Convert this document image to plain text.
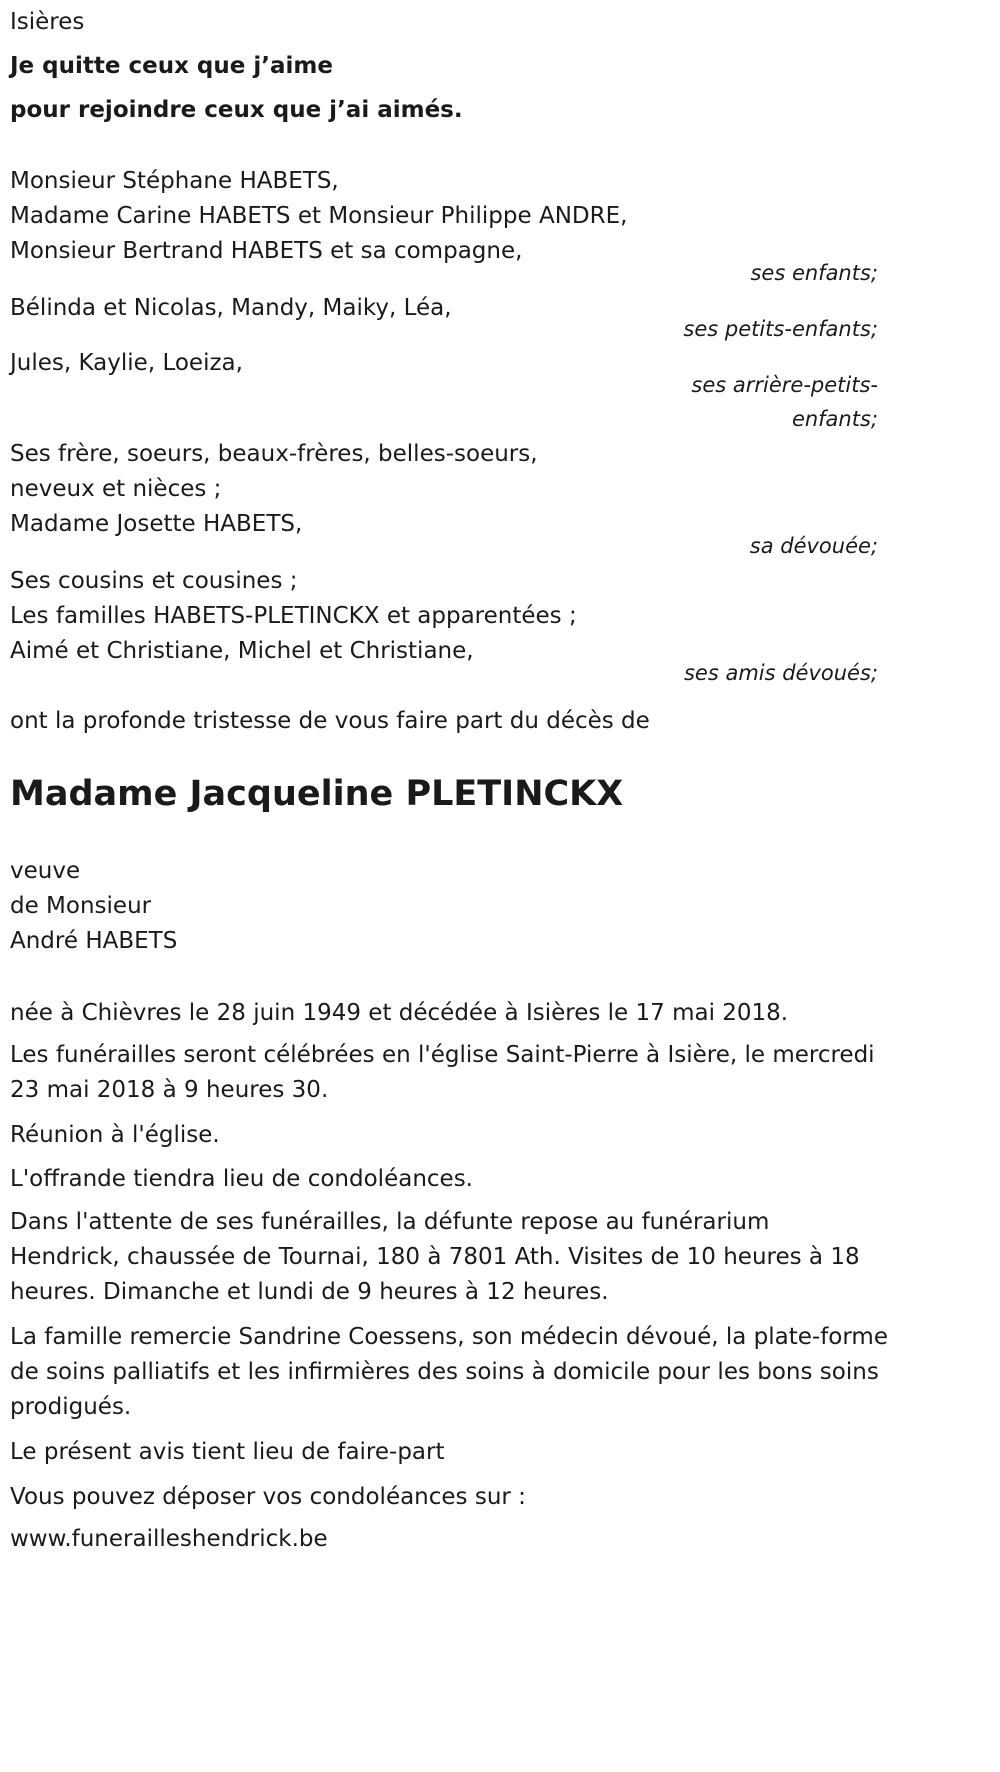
Isières
Je quitte ceux que j’aime
pour rejoindre ceux que j’ai aimés.
Monsieur Stéphane HABETS,
Madame Carine HABETS et Monsieur Philippe ANDRE,
Monsieur Bertrand HABETS et sa compagne,
ses enfants;
Bélinda et Nicolas, Mandy, Maiky, Léa,
ses petits-enfants;
Jules, Kaylie, Loeiza,
ses arrière-petits-
enfants;
Ses frère, soeurs, beaux-frères, belles-soeurs,
neveux et nièces ;
Madame Josette HABETS,
sa dévouée;
Ses cousins et cousines ;
Les familles HABETS-PLETINCKX et apparentées ;
Aimé et Christiane, Michel et Christiane,
ses amis dévoués;
ont la profonde tristesse de vous faire part du décès de
Madame Jacqueline PLETINCKX
veuve
de Monsieur
André HABETS
née à Chièvres le 28 juin 1949 et décédée à Isières le 17 mai 2018.
Les funérailles seront célébrées en l'église Saint-Pierre à Isière, le mercredi 23 mai 2018 à 9 heures 30.
Réunion à l'église.
L'offrande tiendra lieu de condoléances.
Dans l'attente de ses funérailles, la défunte repose au funérarium Hendrick, chaussée de Tournai, 180 à 7801 Ath. Visites de 10 heures à 18 heures. Dimanche et lundi de 9 heures à 12 heures.
La famille remercie Sandrine Coessens, son médecin dévoué, la plate-forme de soins palliatifs et les infirmières des soins à domicile pour les bons soins prodigués.
Le présent avis tient lieu de faire-part
Vous pouvez déposer vos condoléances sur :
www.funerailleshendrick.be
